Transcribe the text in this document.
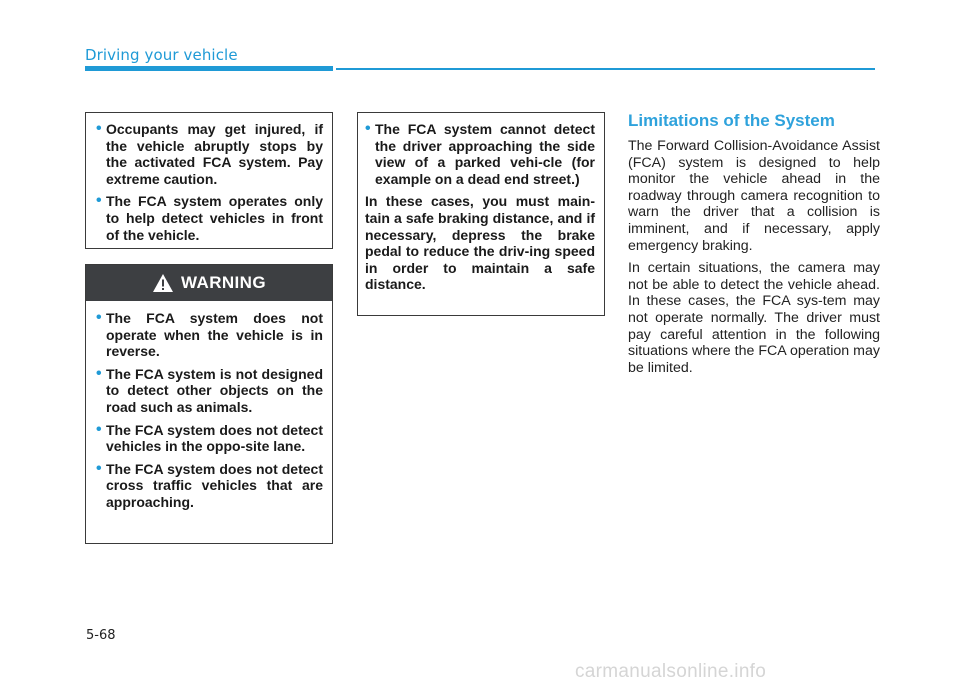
Driving your vehicle
• Occupants may get injured, if the vehicle abruptly stops by the activated FCA system. Pay extreme caution.
• The FCA system operates only to help detect vehicles in front of the vehicle.
WARNING
• The FCA system does not operate when the vehicle is in reverse.
• The FCA system is not designed to detect other objects on the road such as animals.
• The FCA system does not detect vehicles in the oppo-site lane.
• The FCA system does not detect cross traffic vehicles that are approaching.
• The FCA system cannot detect the driver approaching the side view of a parked vehi-cle (for example on a dead end street.)

In these cases, you must main-tain a safe braking distance, and if necessary, depress the brake pedal to reduce the driv-ing speed in order to maintain a safe distance.

Limitations of the System

The Forward Collision-Avoidance Assist (FCA) system is designed to help monitor the vehicle ahead in the roadway through camera recognition to warn the driver that a collision is imminent, and if necessary, apply emergency braking.

In certain situations, the camera may not be able to detect the vehicle ahead. In these cases, the FCA sys-tem may not operate normally. The driver must pay careful attention in the following situations where the FCA operation may be limited.

5-68
carmanualsonline.info
